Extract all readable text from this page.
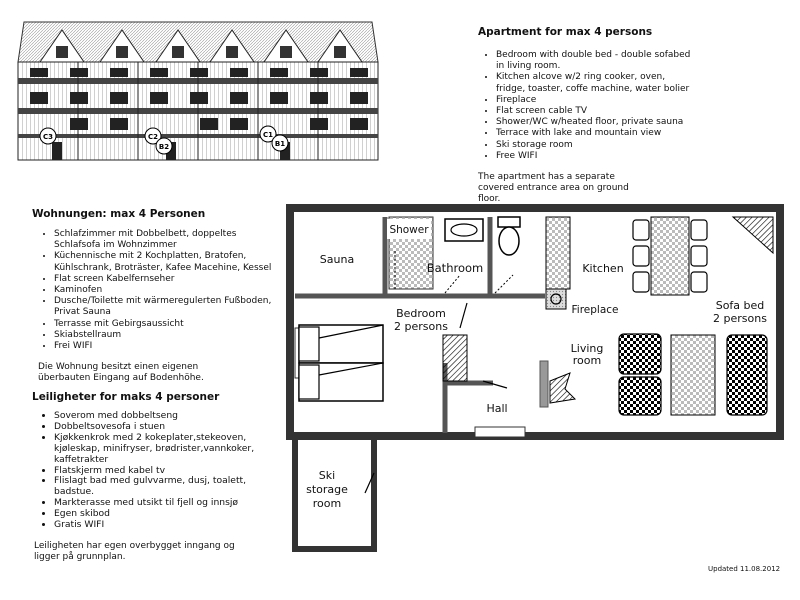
C3	C2
B2
C1
B1
Apartment for max 4 persons
• Bedroom with double bed - double sofabed in living room.
• Kitchen alcove w/2 ring cooker, oven, fridge, toaster, coffe machine, water bolier
• Fireplace
• Flat screen cable TV
• Shower/WC w/heated floor, private sauna
• Terrace with lake and mountain view
• Ski storage room
• Free WIFI

The apartment has a separate covered entrance area on ground floor.

Wohnungen: max 4 Personen
• Schlafzimmer mit Dobbelbett, doppeltes Schlafsofa im Wohnzimmer
• Küchennische mit 2 Kochplatten, Bratofen, Kühlschrank, Broträster, Kafee Macehine, Kessel
• Flat screen Kabelfernseher
• Kaminofen
• Dusche/Toilette mit wärmeregulerten Fußboden, Privat Sauna
• Terrasse mit Gebirgsaussicht
• Skiabstellraum
• Frei WIFI

Die Wohnung besitzt einen eigenen überbauten Eingang auf Bodenhöhe.

Leiligheter for maks 4 personer
• Soverom med dobbeltseng
• Dobbeltsovesofa i stuen
• Kjøkkenkrok med 2 kokeplater,stekeoven, kjøleskap, minifryser, brødrister,vannkoker, kaffetrakter
• Flatskjerm med kabel tv
• Flislagt bad med gulvvarme, dusj, toalett, badstue.
• Markterasse med utsikt til fjell og innsjø
• Egen skibod
• Gratis WIFI

Leiligheten har egen overbygget inngang og ligger på grunnplan.

Sauna
Shower
Bathroom	Kitchen
Fireplace	Sofa bed
2 persons
Bedroom
2 persons
Living
room
Hall
Ski
storage
room
Updated 11.08.2012
